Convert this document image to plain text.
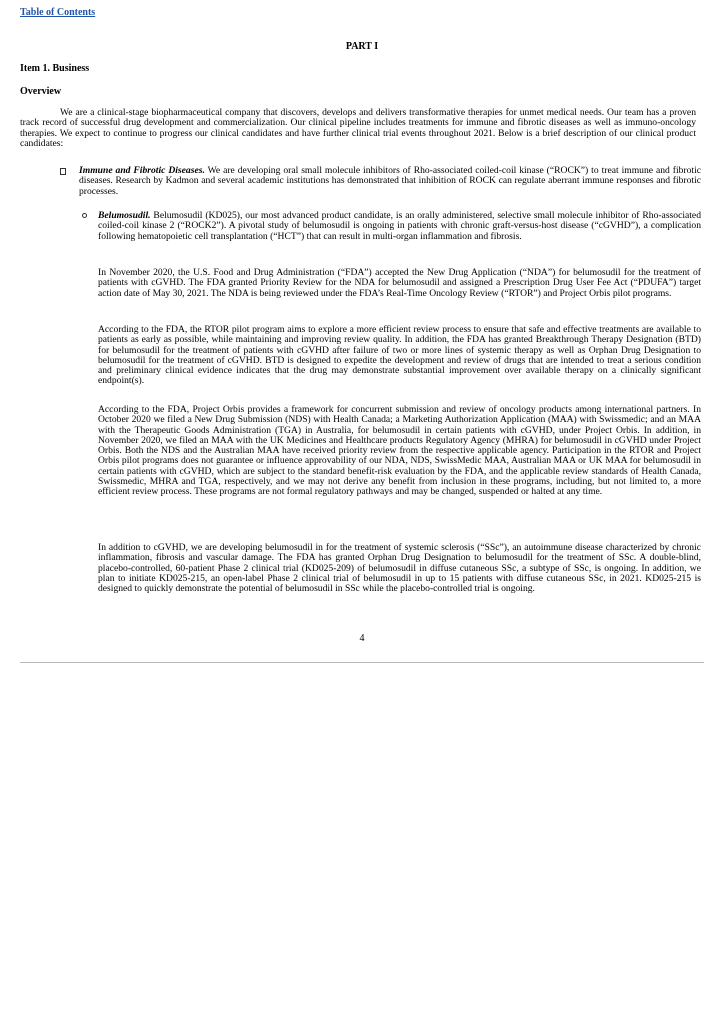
Table of Contents
PART I
Item 1. Business
Overview

We are a clinical-stage biopharmaceutical company that discovers, develops and delivers transformative therapies for unmet medical needs. Our team has a proven track record of successful drug development and commercialization. Our clinical pipeline includes treatments for immune and fibrotic diseases as well as immuno-oncology therapies. We expect to continue to progress our clinical candidates and have further clinical trial events throughout 2021. Below is a brief description of our clinical product candidates:

Immune and Fibrotic Diseases. We are developing oral small molecule inhibitors of Rho-associated coiled-coil kinase (“ROCK”) to treat immune and fibrotic diseases. Research by Kadmon and several academic institutions has demonstrated that inhibition of ROCK can regulate aberrant immune responses and fibrotic processes.

Belumosudil. Belumosudil (KD025), our most advanced product candidate, is an orally administered, selective small molecule inhibitor of Rho-associated coiled-coil kinase 2 (“ROCK2”). A pivotal study of belumosudil is ongoing in patients with chronic graft-versus-host disease (“cGVHD”), a complication following hematopoietic cell transplantation (“HCT”) that can result in multi-organ inflammation and fibrosis.

In November 2020, the U.S. Food and Drug Administration (“FDA”) accepted the New Drug Application (“NDA”) for belumosudil for the treatment of patients with cGVHD. The FDA granted Priority Review for the NDA for belumosudil and assigned a Prescription Drug User Fee Act (“PDUFA”) target action date of May 30, 2021. The NDA is being reviewed under the FDA’s Real-Time Oncology Review (“RTOR”) and Project Orbis pilot programs.

According to the FDA, the RTOR pilot program aims to explore a more efficient review process to ensure that safe and effective treatments are available to patients as early as possible, while maintaining and improving review quality. In addition, the FDA has granted Breakthrough Therapy Designation (BTD) for belumosudil for the treatment of patients with cGVHD after failure of two or more lines of systemic therapy as well as Orphan Drug Designation to belumosudil for the treatment of cGVHD. BTD is designed to expedite the development and review of drugs that are intended to treat a serious condition and preliminary clinical evidence indicates that the drug may demonstrate substantial improvement over available therapy on a clinically significant endpoint(s).

According to the FDA, Project Orbis provides a framework for concurrent submission and review of oncology products among international partners. In October 2020 we filed a New Drug Submission (NDS) with Health Canada; a Marketing Authorization Application (MAA) with Swissmedic; and an MAA with the Therapeutic Goods Administration (TGA) in Australia, for belumosudil in certain patients with cGVHD, under Project Orbis. In addition, in November 2020, we filed an MAA with the UK Medicines and Healthcare products Regulatory Agency (MHRA) for belumosudil in cGVHD under Project Orbis. Both the NDS and the Australian MAA have received priority review from the respective applicable agency. Participation in the RTOR and Project Orbis pilot programs does not guarantee or influence approvability of our NDA, NDS, SwissMedic MAA, Australian MAA or UK MAA for belumosudil in certain patients with cGVHD, which are subject to the standard benefit-risk evaluation by the FDA, and the applicable review standards of Health Canada, Swissmedic, MHRA and TGA, respectively, and we may not derive any benefit from inclusion in these programs, including, but not limited to, a more efficient review process. These programs are not formal regulatory pathways and may be changed, suspended or halted at any time.

In addition to cGVHD, we are developing belumosudil in for the treatment of systemic sclerosis (“SSc”), an autoimmune disease characterized by chronic inflammation, fibrosis and vascular damage. The FDA has granted Orphan Drug Designation to belumosudil for the treatment of SSc. A double-blind, placebo-controlled, 60-patient Phase 2 clinical trial (KD025-209) of belumosudil in diffuse cutaneous SSc, a subtype of SSc, is ongoing. In addition, we plan to initiate KD025-215, an open-label Phase 2 clinical trial of belumosudil in up to 15 patients with diffuse cutaneous SSc, in 2021. KD025-215 is designed to quickly demonstrate the potential of belumosudil in SSc while the placebo-controlled trial is ongoing.

4
